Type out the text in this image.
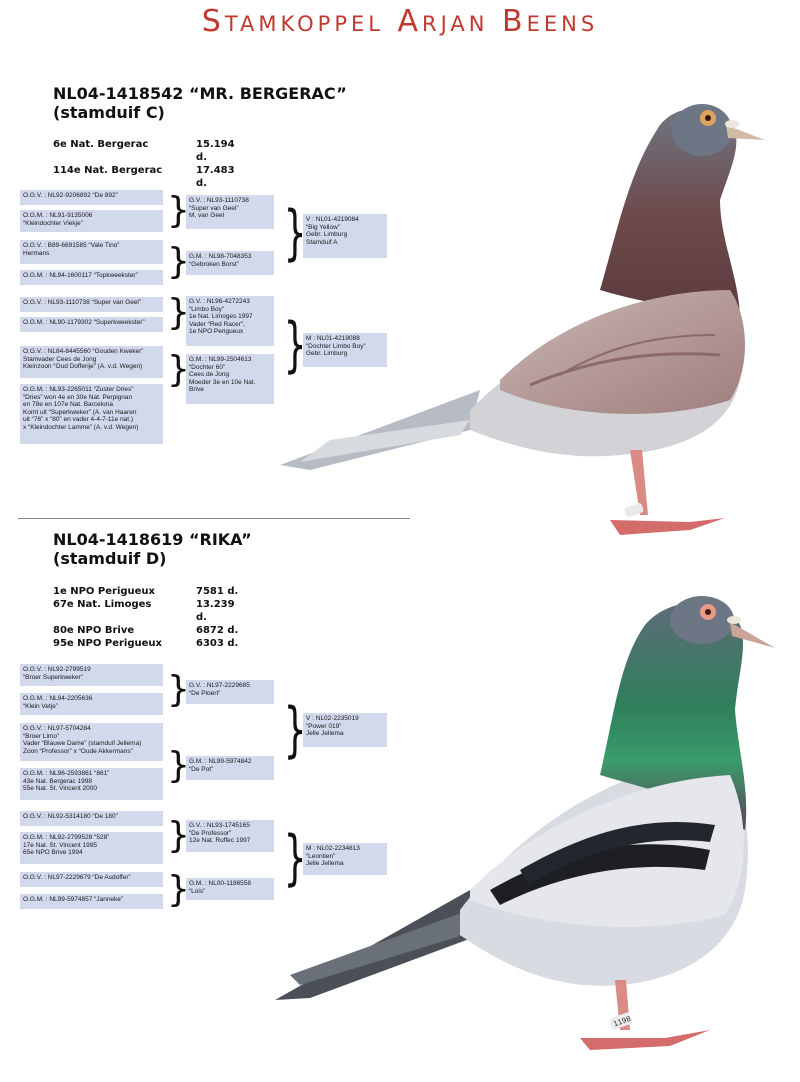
Stamkoppel Arjan Beens
NL04-1418542 “MR. BERGERAC”
(stamduif C)
6e Nat. Bergerac	15.194 d.
114e Nat. Bergerac	17.483 d.
O.G.V. : NL92-9206892 “De 892”
O.G.M. : NL91-9135006
“Kleindochter Viekje”
O.G.V. : B89-6691585 “Vale Tino”
Hermans
O.G.M. : NL94-1600117 “Topkweekster”
O.G.V. : NL93-1110738 “Super van Geel”
O.G.M. : NL90-1179302 “Superkweekster”
O.G.V. : NL84-8445560 “Gouden Kweker”
Stamvader Cees de Jong
Kleinzoon “Oud Dofferije” (A. v.d. Wegen)
O.G.M. : NL93-2265011 “Zuster Dries”
“Dries” won 4e en 30e Nat. Perpignan
en 78e en 107e Nat. Barcelona
Komt uit “Superkweker” (A. van Haaren
uit “76” x “80” en vader 4-4-7-11e nat.)
x “Kleindochter Lamme” (A. v.d. Wegen)
G.V. : NL93-1110738
“Super van Geel”
M. van Geel
G.M. : NL98-7048353
“Gebroken Borst”
G.V. : NL96-4272243
“Limbo Boy”
1e Nat. Limoges 1997
Vader “Red Racer”,
1e NPO Perigueux
G.M. : NL99-2504613
“Dochter 60”
Cees de Jong
Moeder 3e en 10e Nat.
Brive
V : NL01-4219084
“Big Yellow”
Gebr. Limburg
Stamduif A
M : NL01-4219088
“Dochter Limbo Boy”
Gebr. Limburg
}
}
}
}
}
}
NL04-1418619 “RIKA”
(stamduif D)
1e NPO Perigueux	7581 d.
67e Nat. Limoges	13.239 d.
80e NPO Brive	6872 d.
95e NPO Perigueux	6303 d.
O.G.V. : NL92-2799519
“Broer Superkweker”
O.G.M. : NL94-2205636
“Klein Vetje”
O.G.V. : NL97-5704284
“Broer Limo”
Vader “Blauwe Dame” (stamduif Jellema)
Zoon “Professor” x “Oude Akkermans”
O.G.M. : NL96-2593861 “861”
43e Nat. Bergerac 1998
55e Nat. St. Vincent 2000
O.G.V. : NL92-5314180 “De 180”
O.G.M. : NL92-2799528 “528”
17e Nat. St. Vincent 1995
65e NPO Brive 1994
O.G.V. : NL97-2229679 “De Asdoffer”
O.G.M. : NL99-5974857 “Janneke”
G.V. : NL97-2229685
“De Ploert”
G.M. : NL99-5974842
“De Pot”
G.V. : NL93-1745165
“De Professor”
12e Nat. Ruffec 1997
G.M. : NL00-1186558
“Lois”
V : NL02-2235019
“Power 019”
Jelle Jellema
M : NL02-2234813
“Leontien”
Jelle Jellema
}
}
}
}
}
}
1198
